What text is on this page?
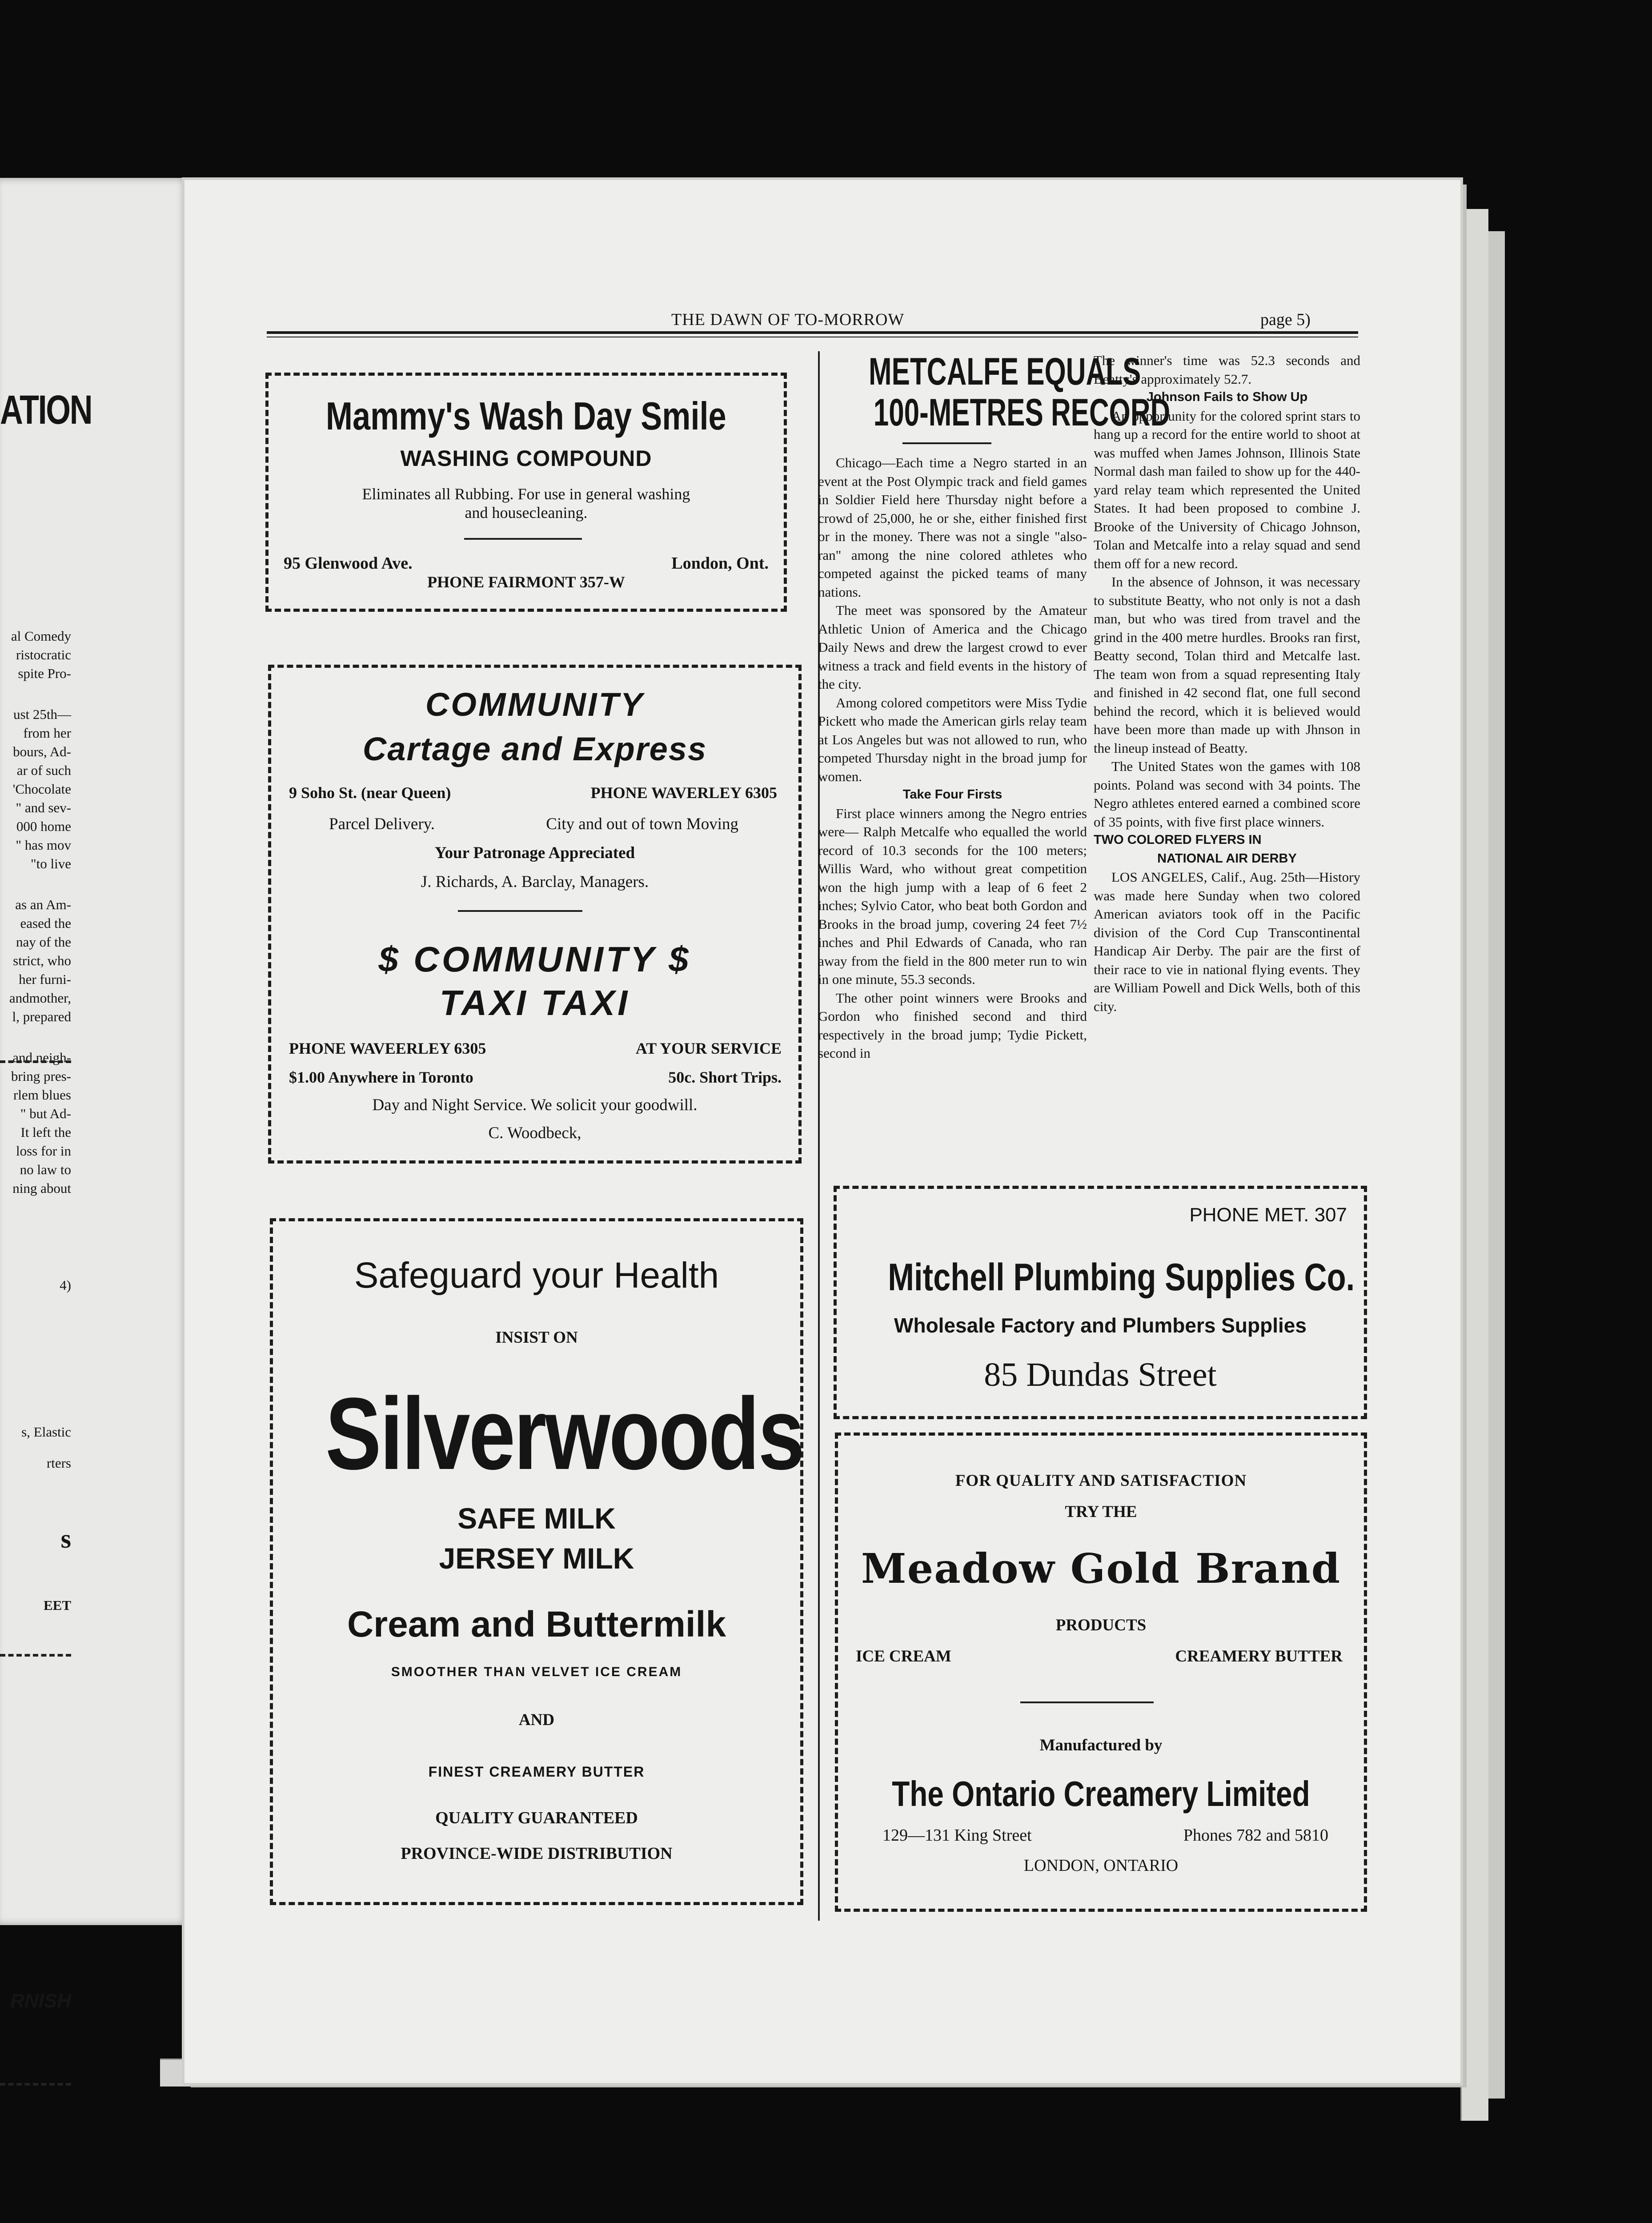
ATION
al Comedy
ristocratic
spite Pro-
ust 25th—
from her
bours, Ad-
ar of such
'Chocolate
" and sev-
000 home
" has mov
"to live
as an Am-
eased the
nay of the
strict, who
her furni-
andmother,
l, prepared
and neigh-
bring pres-
rlem blues
" but Ad-
It left the
loss for in
no law to
ning about
4)
s, Elastic
rters
s
EET
RNISH
THE DAWN OF TO-MORROW	page 5)
Mammy's Wash Day Smile
WASHING COMPOUND
Eliminates all Rubbing. For use in general washing
and housecleaning.
95 Glenwood Ave.	London, Ont.
PHONE FAIRMONT 357-W
COMMUNITY
Cartage and Express
9 Soho St. (near Queen)	PHONE WAVERLEY 6305
Parcel Delivery.	City and out of town Moving
Your Patronage Appreciated
J. Richards, A. Barclay, Managers.
$ COMMUNITY $
TAXI TAXI
PHONE WAVEERLEY 6305	AT YOUR SERVICE
$1.00 Anywhere in Toronto	50c. Short Trips.
Day and Night Service. We solicit your goodwill.
C. Woodbeck,
Safeguard your Health
INSIST ON
Silverwoods
SAFE MILK
JERSEY MILK
Cream and Buttermilk
SMOOTHER THAN VELVET ICE CREAM
AND
FINEST CREAMERY BUTTER
QUALITY GUARANTEED
PROVINCE-WIDE DISTRIBUTION
METCALFE EQUALS
100-METRES RECORD

Chicago—Each time a Negro started in an event at the Post Olympic track and field games in Soldier Field here Thursday night before a crowd of 25,000, he or she, either finished first or in the money. There was not a single "also-ran" among the nine colored athletes who competed against the picked teams of many nations.

The meet was sponsored by the Amateur Athletic Union of America and the Chicago Daily News and drew the largest crowd to ever witness a track and field events in the history of the city.

Among colored competitors were Miss Tydie Pickett who made the American girls relay team at Los Angeles but was not allowed to run, who competed Thursday night in the broad jump for women.

Take Four Firsts

First place winners among the Negro entries were— Ralph Metcalfe who equalled the world record of 10.3 seconds for the 100 meters; Willis Ward, who without great competition won the high jump with a leap of 6 feet 2 inches; Sylvio Cator, who beat both Gordon and Brooks in the broad jump, covering 24 feet 7½ inches and Phil Edwards of Canada, who ran away from the field in the 800 meter run to win in one minute, 55.3 seconds.

The other point winners were Brooks and Gordon who finished second and third respectively in the broad jump; Tydie Pickett, second in

The winner's time was 52.3 seconds and Beatty's approximately 52.7.

Johnson Fails to Show Up

An opportunity for the colored sprint stars to hang up a record for the entire world to shoot at was muffed when James Johnson, Illinois State Normal dash man failed to show up for the 440-yard relay team which represented the United States. It had been proposed to combine J. Brooke of the University of Chicago Johnson, Tolan and Metcalfe into a relay squad and send them off for a new record.

In the absence of Johnson, it was necessary to substitute Beatty, who not only is not a dash man, but who was tired from travel and the grind in the 400 metre hurdles. Brooks ran first, Beatty second, Tolan third and Metcalfe last. The team won from a squad representing Italy and finished in 42 second flat, one full second behind the record, which it is believed would have been more than made up with Jhnson in the lineup instead of Beatty.

The United States won the games with 108 points. Poland was second with 34 points. The Negro athletes entered earned a combined score of 35 points, with five first place winners.

TWO COLORED FLYERS IN

NATIONAL AIR DERBY

LOS ANGELES, Calif., Aug. 25th—History was made here Sunday when two colored American aviators took off in the Pacific division of the Cord Cup Transcontinental Handicap Air Derby. The pair are the first of their race to vie in national flying events. They are William Powell and Dick Wells, both of this city.

PHONE MET. 307
Mitchell Plumbing Supplies Co.
Wholesale Factory and Plumbers Supplies
85 Dundas Street
FOR QUALITY AND SATISFACTION
TRY THE
Meadow Gold Brand
PRODUCTS
ICE CREAM	CREAMERY BUTTER
Manufactured by
The Ontario Creamery Limited
129—131 King Street	Phones 782 and 5810
LONDON, ONTARIO
